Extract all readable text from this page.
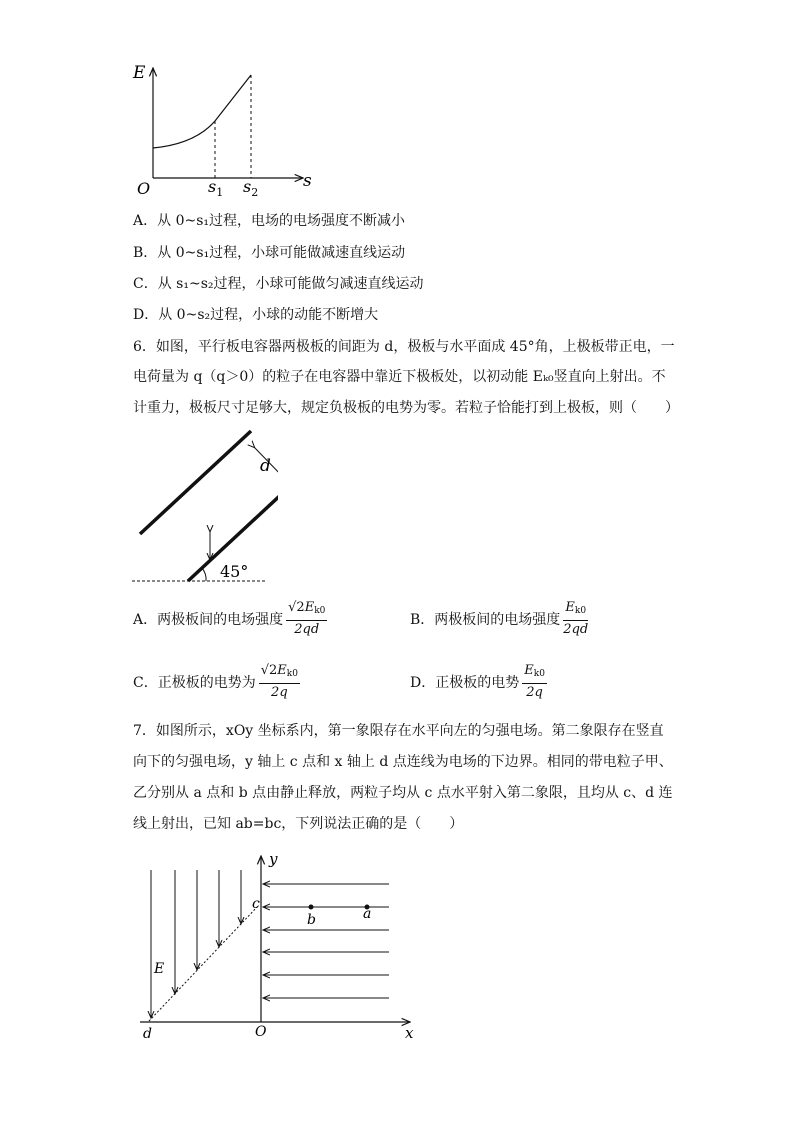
E
s
O	$s_1$ $s_2$
A．从 0~s₁过程，电场的电场强度不断减小
B．从 0~s₁过程，小球可能做减速直线运动
C．从 s₁~s₂过程，小球可能做匀减速直线运动
D．从 0~s₂过程，小球的动能不断增大
6．如图，平行板电容器两极板的间距为 d，极板与水平面成 45°角，上极板带正电，一
电荷量为 q（q＞0）的粒子在电容器中靠近下极板处，以初动能 Eₖ₀竖直向上射出。不
计重力，极板尺寸足够大，规定负极板的电势为零。若粒子恰能打到上极板，则（　　）
d
45°
A． 两极板间的电场强度 $\frac{√2E_{k0}}{2qd}$	B． 两极板间的电场强度 $\frac{E_{k0}}{2qd}$
C． 正极板的电势为 $\frac{√2E_{k0}}{2q}$	D． 正极板的电势 $\frac{E_{k0}}{2q}$
7．如图所示，xOy 坐标系内，第一象限存在水平向左的匀强电场。第二象限存在竖直
向下的匀强电场，y 轴上 c 点和 x 轴上 d 点连线为电场的下边界。相同的带电粒子甲、
乙分别从 a 点和 b 点由静止释放，两粒子均从 c 点水平射入第二象限，且均从 c、d 连
线上射出，已知 ab=bc，下列说法正确的是（　　）
y
x
O
c
b	a
E
d
